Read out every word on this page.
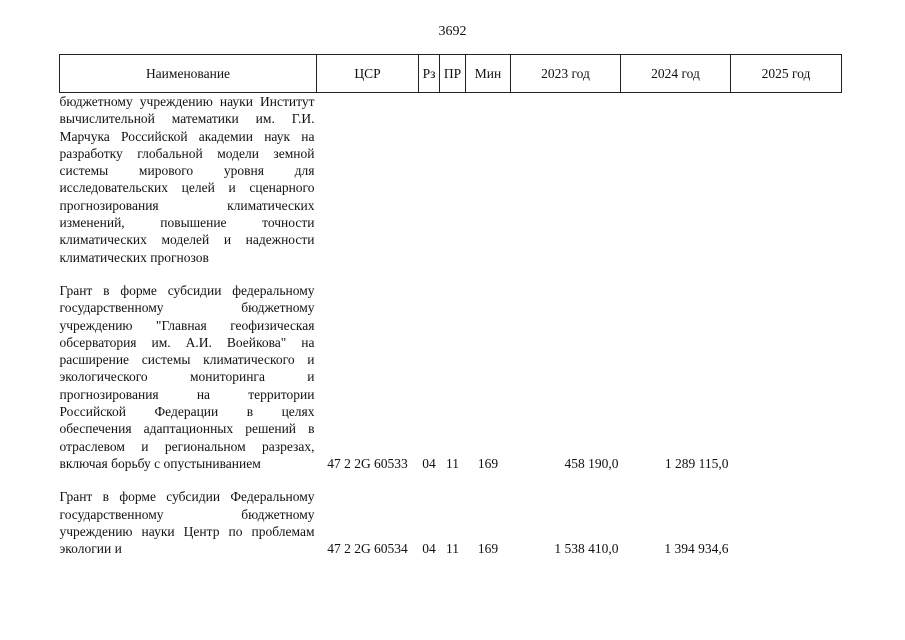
3692
Наименование	ЦСР	Рз	ПР	Мин	2023 год	2024 год	2025 год
бюджетному учреждению науки Институт вычислительной математики им. Г.И. Марчука Российской академии наук на разработку глобальной модели земной системы мирового уровня для исследовательских целей и сценарного прогнозирования климатических изменений, повышение точности климатических моделей и надежности климатических прогнозов							

Грант в форме субсидии федеральному государственному бюджетному учреждению "Главная геофизическая обсерватория им. А.И. Воейкова" на расширение системы климатического и экологического мониторинга и прогнозирования на территории Российской Федерации в целях обеспечения адаптационных решений в отраслевом и региональном разрезах, включая борьбу с опустыниванием	47 2 2G 60533	04	11	169	458 190,0	1 289 115,0	

Грант в форме субсидии Федеральному государственному бюджетному учреждению науки Центр по проблемам экологии и	47 2 2G 60534	04	11	169	1 538 410,0	1 394 934,6	
